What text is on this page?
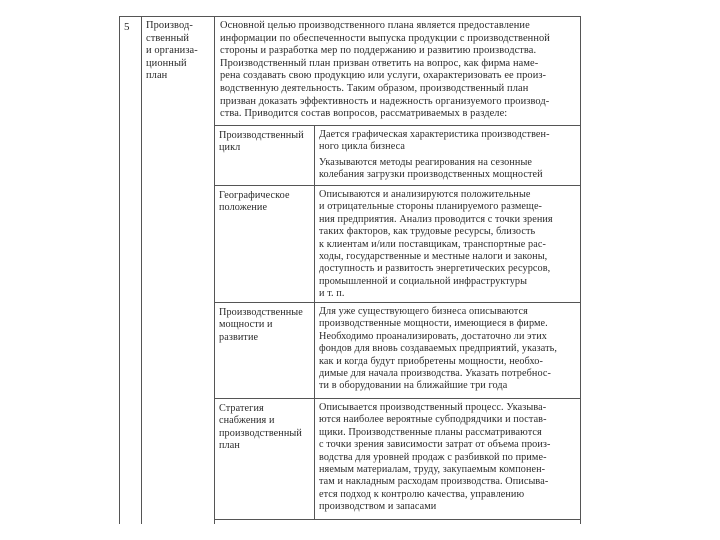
5 Производ-
ственный
и организа-
ционный
план
Основной целью производственного плана является предоставление
информации по обеспеченности выпуска продукции с производственной
стороны и разработка мер по поддержанию и развитию производства.
Производственный план призван ответить на вопрос, как фирма наме-
рена создавать свою продукцию или услуги, охарактеризовать ее произ-
водственную деятельность. Таким образом, производственный план
призван доказать эффективность и надежность организуемого производ-
ства. Приводится состав вопросов, рассматриваемых в разделе:
Производственный
цикл
Дается графическая характеристика производствен-
ного цикла бизнеса
Указываются методы реагирования на сезонные
колебания загрузки производственных мощностей
Географическое
положение
Описываются и анализируются положительные
и отрицательные стороны планируемого размеще-
ния предприятия. Анализ проводится с точки зрения
таких факторов, как трудовые ресурсы, близость
к клиентам и/или поставщикам, транспортные рас-
ходы, государственные и местные налоги и законы,
доступность и развитость энергетических ресурсов,
промышленной и социальной инфраструктуры
и т. п.
Производственные
мощности и
развитие
Для уже существующего бизнеса описываются
производственные мощности, имеющиеся в фирме.
Необходимо проанализировать, достаточно ли этих
фондов для вновь создаваемых предприятий, указать,
как и когда будут приобретены мощности, необхо-
димые для начала производства. Указать потребнос-
ти в оборудовании на ближайшие три года
Стратегия
снабжения и
производственный
план
Описывается производственный процесс. Указыва-
ются наиболее вероятные субподрядчики и постав-
щики. Производственные планы рассматриваются
с точки зрения зависимости затрат от объема произ-
водства для уровней продаж с разбивкой по приме-
няемым материалам, труду, закупаемым компонен-
там и накладным расходам производства. Описыва-
ется подход к контролю качества, управлению
производством и запасами
